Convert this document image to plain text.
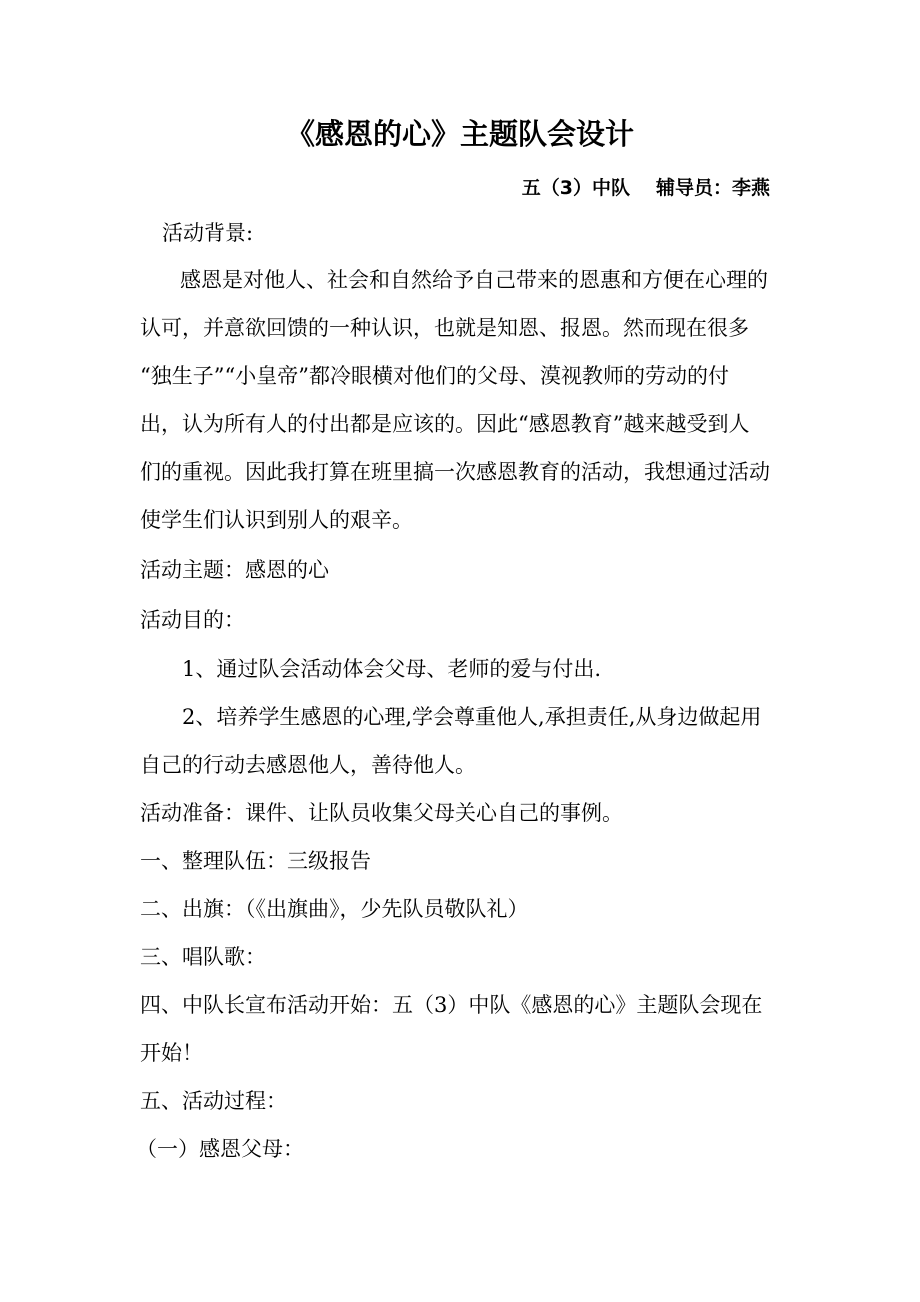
《感恩的心》主题队会设计
五（3）中队 辅导员：李燕
活动背景:
感恩是对他人、社会和自然给予自己带来的恩惠和方便在心理的
认可，并意欲回馈的一种认识，也就是知恩、报恩。然而现在很多
“独生子”“小皇帝”都冷眼横对他们的父母、漠视教师的劳动的付
出，认为所有人的付出都是应该的。因此“感恩教育”越来越受到人
们的重视。因此我打算在班里搞一次感恩教育的活动，我想通过活动
使学生们认识到别人的艰辛。
活动主题：感恩的心
活动目的：
1、通过队会活动体会父母、老师的爱与付出.
2、培养学生感恩的心理,学会尊重他人,承担责任,从身边做起用
自己的行动去感恩他人，善待他人。
活动准备：课件、让队员收集父母关心自己的事例。
一、整理队伍：三级报告
二、出旗：（《出旗曲》，少先队员敬队礼）
三、唱队歌：
四、中队长宣布活动开始：五（3）中队《感恩的心》主题队会现在
开始！
五、活动过程：
（一）感恩父母：
